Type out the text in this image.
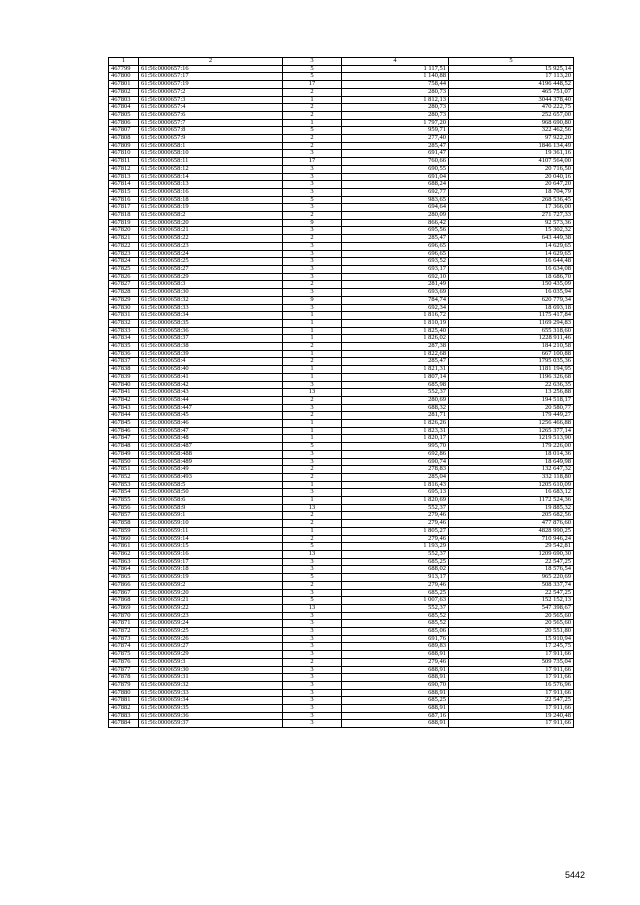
1	2	3	4	5
467799	61:56:0000657:16	5	1 117,51	15 925,14
467800	61:56:0000657:17	5	1 140,88	17 113,20
467801	61:56:0000657:19	17	758,44	4196 448,52
467802	61:56:0000657:2	2	280,73	465 751,07
467803	61:56:0000657:3	1	1 812,13	3044 378,40
467804	61:56:0000657:4	2	280,73	470 222,75
467805	61:56:0000657:6	2	280,73	252 657,00
467806	61:56:0000657:7	1	1 797,20	968 690,80
467807	61:56:0000657:8	5	959,71	322 462,56
467808	61:56:0000657:9	2	277,40	97 922,20
467809	61:56:0000658:1	2	285,47	1846 134,49
467810	61:56:0000658:10	3	691,47	19 361,16
467811	61:56:0000658:11	17	760,66	4107 564,00
467812	61:56:0000658:12	3	690,55	20 716,50
467813	61:56:0000658:14	3	691,04	20 040,16
467814	61:56:0000658:13	3	688,24	20 647,20
467815	61:56:0000658:16	3	692,77	18 704,79
467816	61:56:0000658:18	5	983,65	268 536,45
467817	61:56:0000658:19	3	694,64	17 366,00
467818	61:56:0000658:2	2	280,09	271 727,33
467819	61:56:0000658:20	9	866,42	92 573,36
467820	61:56:0000658:21	3	695,56	15 302,32
467821	61:56:0000658:22	2	285,47	643 449,38
467822	61:56:0000658:23	3	696,65	14 629,65
467823	61:56:0000658:24	3	696,65	14 629,65
467824	61:56:0000658:25	3	693,52	16 644,48
467825	61:56:0000658:27	3	693,17	16 634,08
467826	61:56:0000658:29	3	692,10	18 686,70
467827	61:56:0000658:3	2	281,49	150 435,09
467828	61:56:0000658:30	3	693,69	16 035,94
467829	61:56:0000658:32	9	784,74	620 779,34
467830	61:56:0000658:33	3	692,34	18 693,18
467831	61:56:0000658:34	1	1 816,72	1175 417,84
467832	61:56:0000658:35	1	1 810,19	1169 294,83
467833	61:56:0000658:36	1	1 825,40	655 318,60
467834	61:56:0000658:37	1	1 826,02	1228 911,46
467835	61:56:0000658:38	2	287,38	184 210,58
467836	61:56:0000658:39	1	1 822,68	667 100,88
467837	61:56:0000658:4	2	285,47	1795 035,36
467838	61:56:0000658:40	1	1 821,31	1181 194,95
467839	61:56:0000658:41	1	1 807,14	1196 326,68
467840	61:56:0000658:42	3	685,98	22 636,35
467841	61:56:0000658:43	13	552,37	13 256,88
467842	61:56:0000658:44	2	280,69	194 518,17
467843	61:56:0000658:447	3	688,32	20 580,77
467844	61:56:0000658:45	2	281,71	179 449,27
467845	61:56:0000658:46	1	1 826,26	1256 466,88
467846	61:56:0000658:47	1	1 823,31	1265 377,14
467847	61:56:0000658:48	1	1 820,17	1219 513,90
467848	61:56:0000658:487	5	995,70	179 226,00
467849	61:56:0000658:488	3	692,86	18 014,36
467850	61:56:0000658:489	3	690,74	18 649,98
467851	61:56:0000658:49	2	278,83	132 647,32
467852	61:56:0000658:493	2	285,04	332 118,80
467853	61:56:0000658:5	1	1 816,43	1205 610,09
467854	61:56:0000658:50	3	695,13	16 683,12
467855	61:56:0000658:6	1	1 820,69	1172 524,36
467856	61:56:0000658:9	13	552,37	19 885,32
467857	61:56:0000659:1	2	279,46	205 682,56
467858	61:56:0000659:10	2	279,46	477 876,60
467859	61:56:0000659:11	1	1 805,27	4828 990,25
467860	61:56:0000659:14	2	279,46	710 946,24
467861	61:56:0000659:15	5	1 193,29	29 542,81
467862	61:56:0000659:16	13	552,37	1209 690,30
467863	61:56:0000659:17	3	685,25	22 547,25
467864	61:56:0000659:18	3	688,02	18 576,54
467865	61:56:0000659:19	5	913,17	965 220,69
467866	61:56:0000659:2	2	279,46	508 337,74
467867	61:56:0000659:20	3	685,25	22 547,25
467868	61:56:0000659:21	5	1 007,63	152 152,13
467869	61:56:0000659:22	13	552,37	547 398,67
467870	61:56:0000659:23	3	685,52	20 565,60
467871	61:56:0000659:24	3	685,52	20 565,60
467872	61:56:0000659:25	3	685,06	20 551,80
467873	61:56:0000659:26	3	691,76	15 910,94
467874	61:56:0000659:27	3	689,83	17 245,75
467875	61:56:0000659:29	3	688,91	17 911,66
467876	61:56:0000659:3	2	279,46	509 735,04
467877	61:56:0000659:30	3	688,91	17 911,66
467878	61:56:0000659:31	3	688,91	17 911,66
467879	61:56:0000659:32	3	690,70	16 576,96
467880	61:56:0000659:33	3	688,91	17 911,66
467881	61:56:0000659:34	3	685,25	22 547,25
467882	61:56:0000659:35	3	688,91	17 911,66
467883	61:56:0000659:36	3	687,16	19 240,48
467884	61:56:0000659:37	3	688,91	17 911,66
5442
